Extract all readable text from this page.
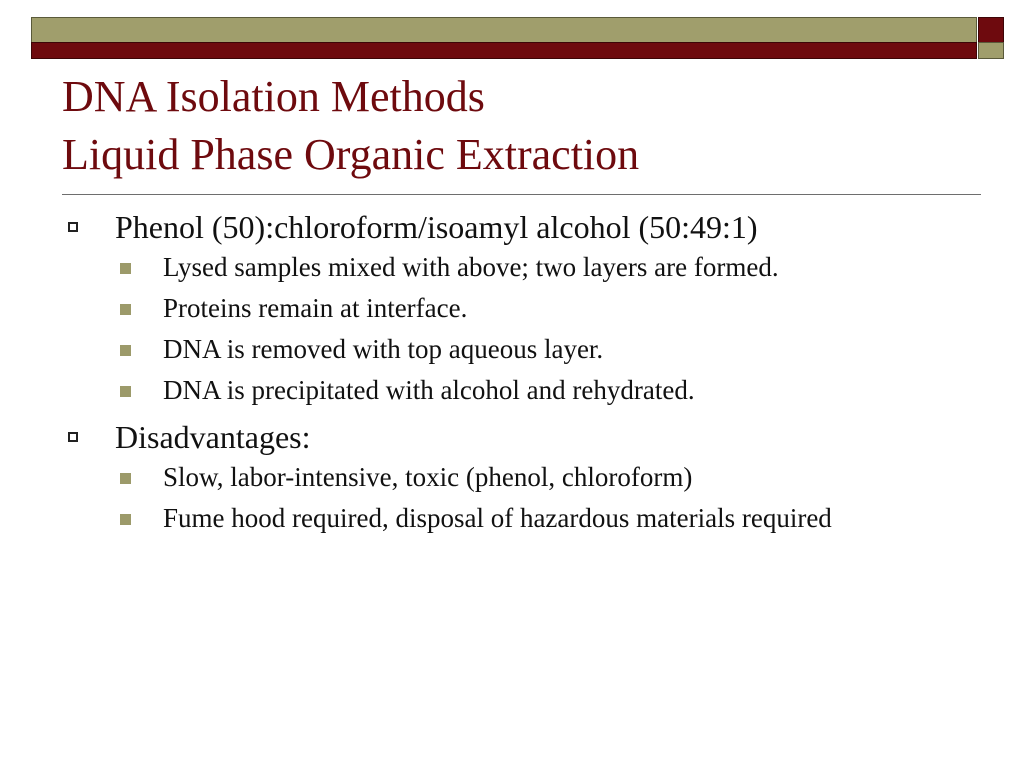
DNA Isolation Methods
Liquid Phase Organic Extraction
Phenol (50):chloroform/isoamyl alcohol (50:49:1)
Lysed samples mixed with above; two layers are formed.
Proteins remain at interface.
DNA is removed with top aqueous layer.
DNA is precipitated with alcohol and rehydrated.
Disadvantages:
Slow, labor-intensive, toxic (phenol, chloroform)
Fume hood required, disposal of hazardous materials required
